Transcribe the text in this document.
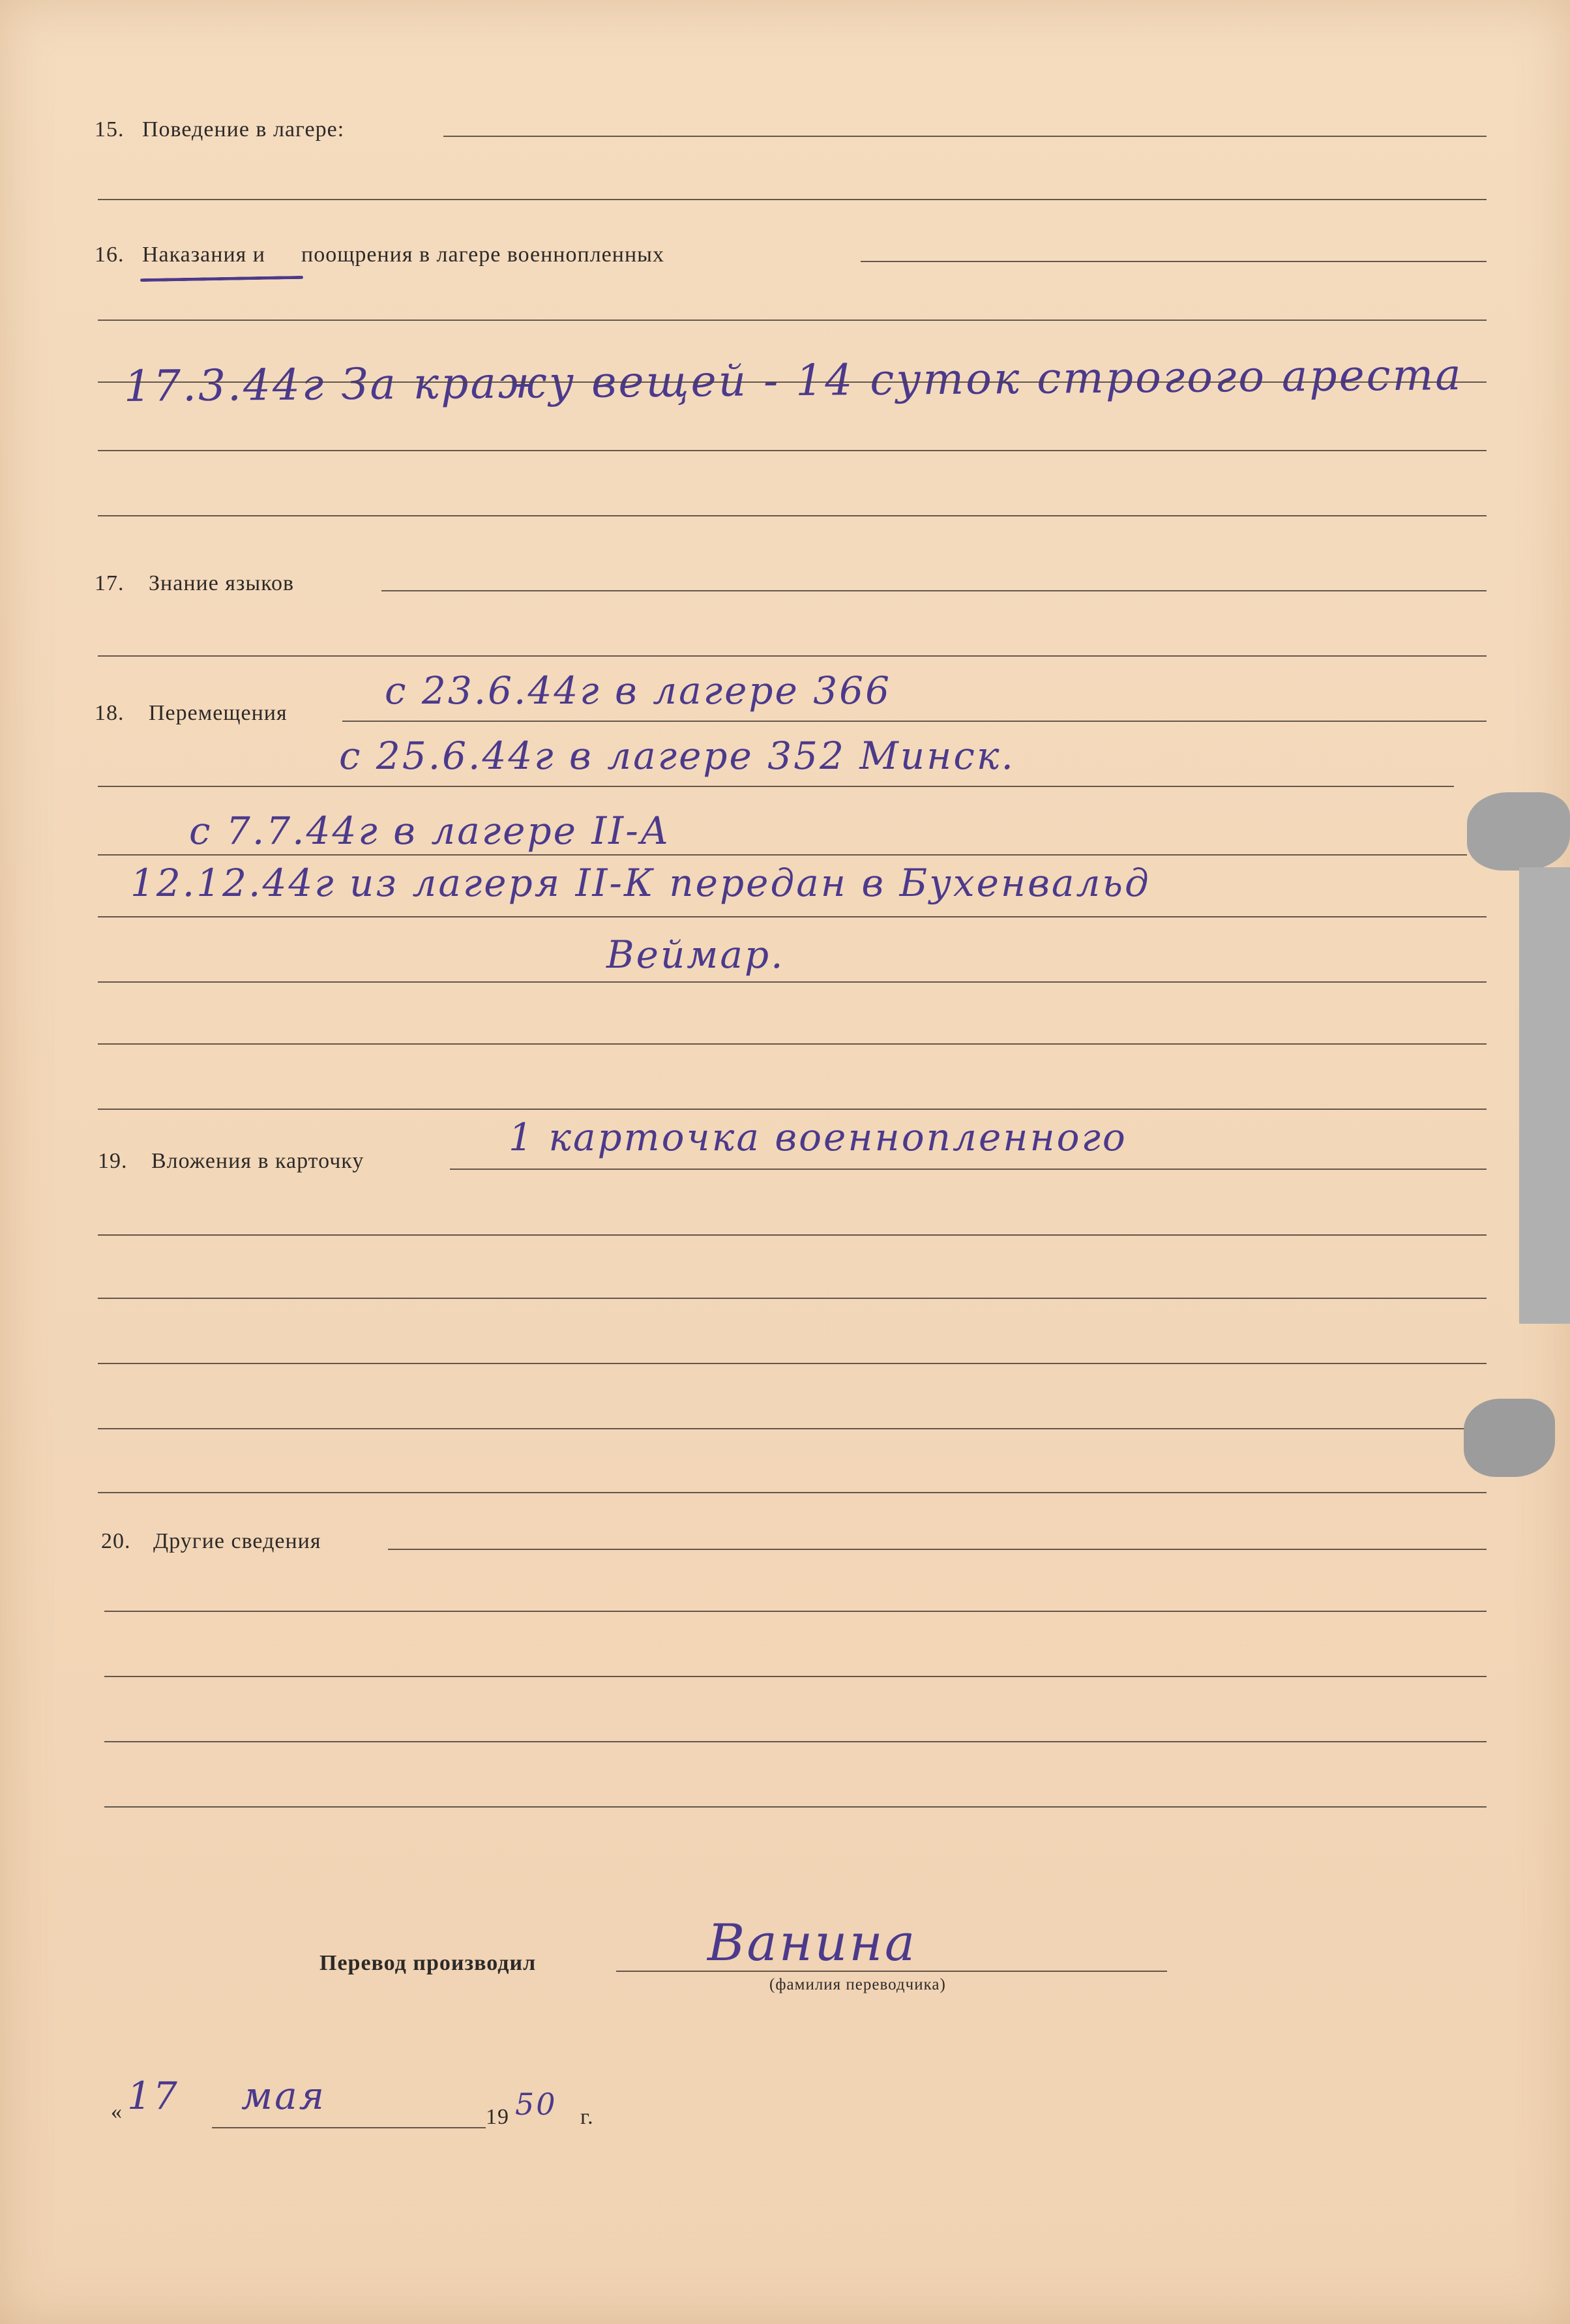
15. Поведение в лагере:
16. Наказания и поощрения в лагере военнопленных
17.3.44г За кражу вещей - 14 суток строгого ареста
17. Знание языков
18. Перемещения
с 23.6.44г в лагере 366
с 25.6.44г в лагере 352 Минск.
с 7.7.44г в лагере II-А
12.12.44г из лагеря II-К передан в Бухенвальд
Веймар.
19. Вложения в карточку
1 карточка военнопленного
20. Другие сведения
Перевод производил	Ванина
(фамилия переводчика)
« 17 мая	19 50 г.
